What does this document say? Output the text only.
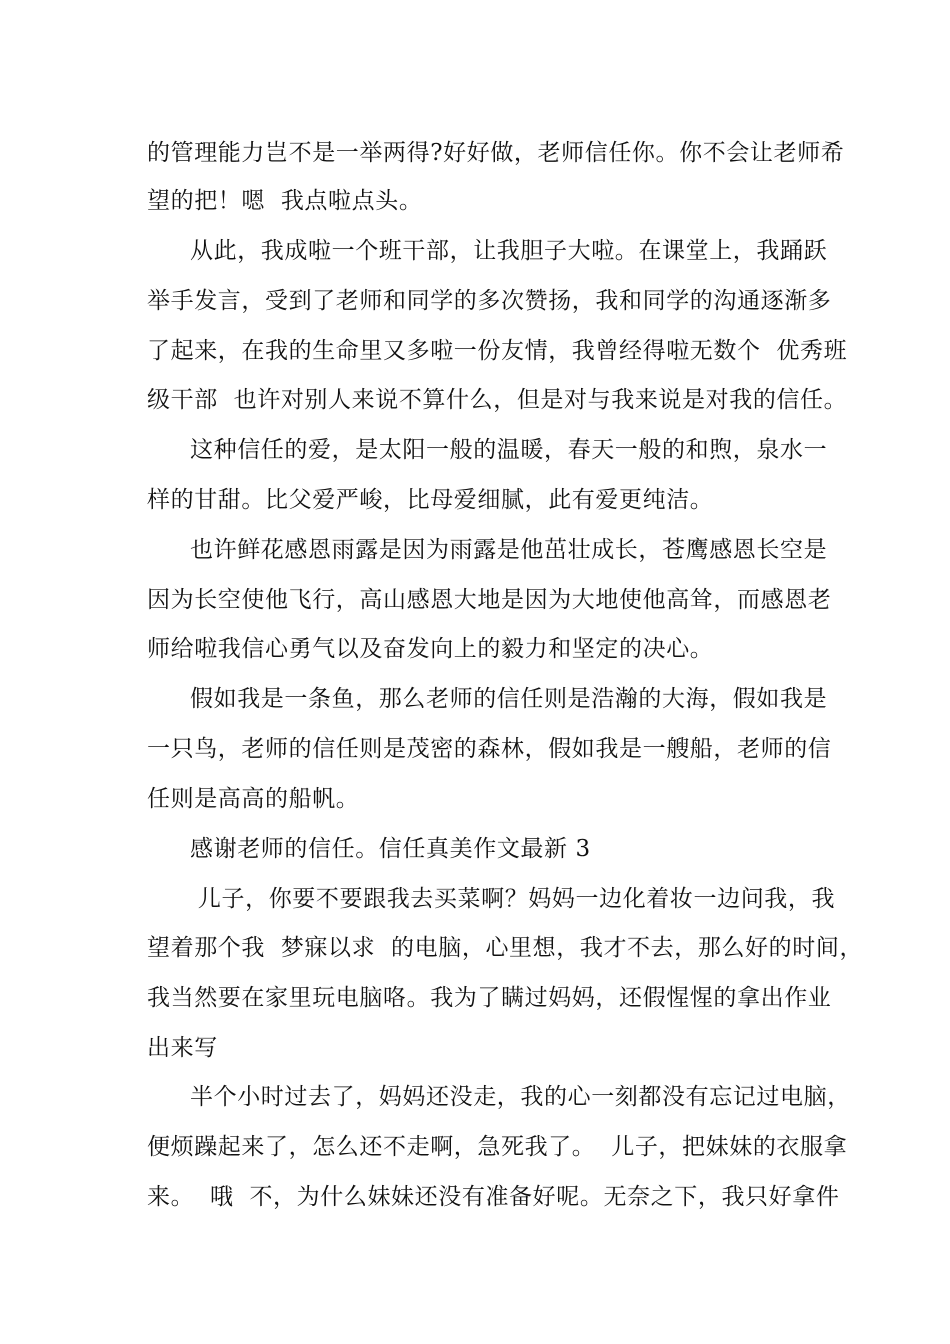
的管理能力岂不是一举两得?好好做，老师信任你。你不会让老师希
望的把！嗯  我点啦点头。
从此，我成啦一个班干部，让我胆子大啦。在课堂上，我踊跃
举手发言，受到了老师和同学的多次赞扬，我和同学的沟通逐渐多
了起来，在我的生命里又多啦一份友情，我曾经得啦无数个  优秀班
级干部  也许对别人来说不算什么，但是对与我来说是对我的信任。
这种信任的爱，是太阳一般的温暖，春天一般的和煦，泉水一
样的甘甜。比父爱严峻，比母爱细腻，此有爱更纯洁。
也许鲜花感恩雨露是因为雨露是他茁壮成长，苍鹰感恩长空是
因为长空使他飞行，高山感恩大地是因为大地使他高耸，而感恩老
师给啦我信心勇气以及奋发向上的毅力和坚定的决心。
假如我是一条鱼，那么老师的信任则是浩瀚的大海，假如我是
一只鸟，老师的信任则是茂密的森林，假如我是一艘船，老师的信
任则是高高的船帆。
感谢老师的信任。信任真美作文最新 3
儿子，你要不要跟我去买菜啊？妈妈一边化着妆一边问我，我
望着那个我  梦寐以求  的电脑，心里想，我才不去，那么好的时间，
我当然要在家里玩电脑咯。我为了瞒过妈妈，还假惺惺的拿出作业
出来写
半个小时过去了，妈妈还没走，我的心一刻都没有忘记过电脑，
便烦躁起来了，怎么还不走啊，急死我了。  儿子，把妹妹的衣服拿
来。  哦  不，为什么妹妹还没有准备好呢。无奈之下，我只好拿件
